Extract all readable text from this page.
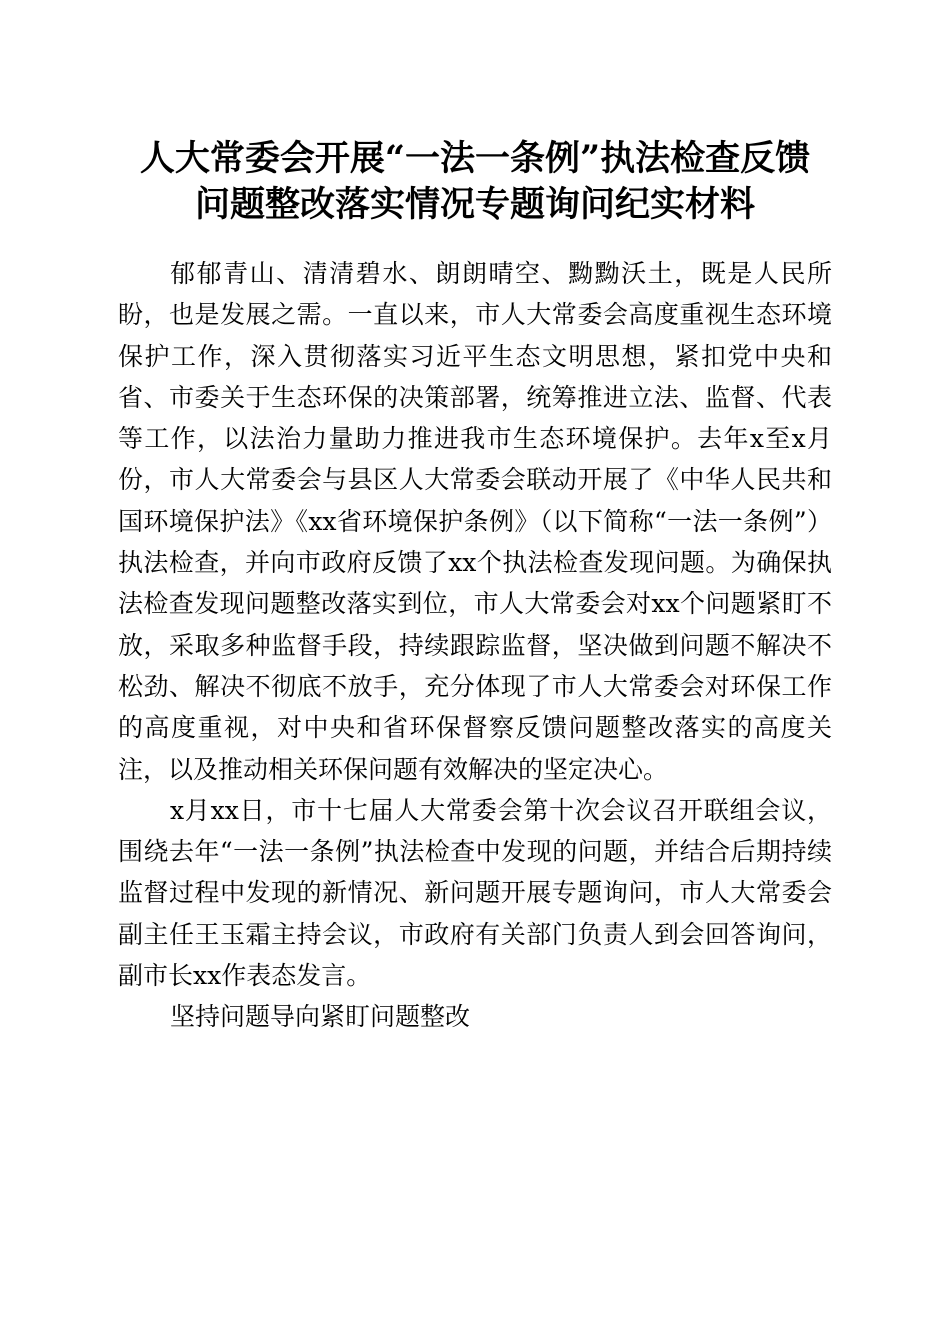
人大常委会开展“一法一条例”执法检查反馈
问题整改落实情况专题询问纪实材料

郁郁青山、清清碧水、朗朗晴空、黝黝沃土，既是人民所盼，也是发展之需。一直以来，市人大常委会高度重视生态环境保护工作，深入贯彻落实习近平生态文明思想，紧扣党中央和省、市委关于生态环保的决策部署，统筹推进立法、监督、代表等工作，以法治力量助力推进我市生态环境保护。去年x至x月份，市人大常委会与县区人大常委会联动开展了《中华人民共和国环境保护法》《xx省环境保护条例》（以下简称“一法一条例”）执法检查，并向市政府反馈了xx个执法检查发现问题。为确保执法检查发现问题整改落实到位，市人大常委会对xx个问题紧盯不放，采取多种监督手段，持续跟踪监督，坚决做到问题不解决不松劲、解决不彻底不放手，充分体现了市人大常委会对环保工作的高度重视，对中央和省环保督察反馈问题整改落实的高度关注，以及推动相关环保问题有效解决的坚定决心。

x月xx日，市十七届人大常委会第十次会议召开联组会议，围绕去年“一法一条例”执法检查中发现的问题，并结合后期持续监督过程中发现的新情况、新问题开展专题询问，市人大常委会副主任王玉霜主持会议，市政府有关部门负责人到会回答询问，副市长xx作表态发言。

坚持问题导向紧盯问题整改
